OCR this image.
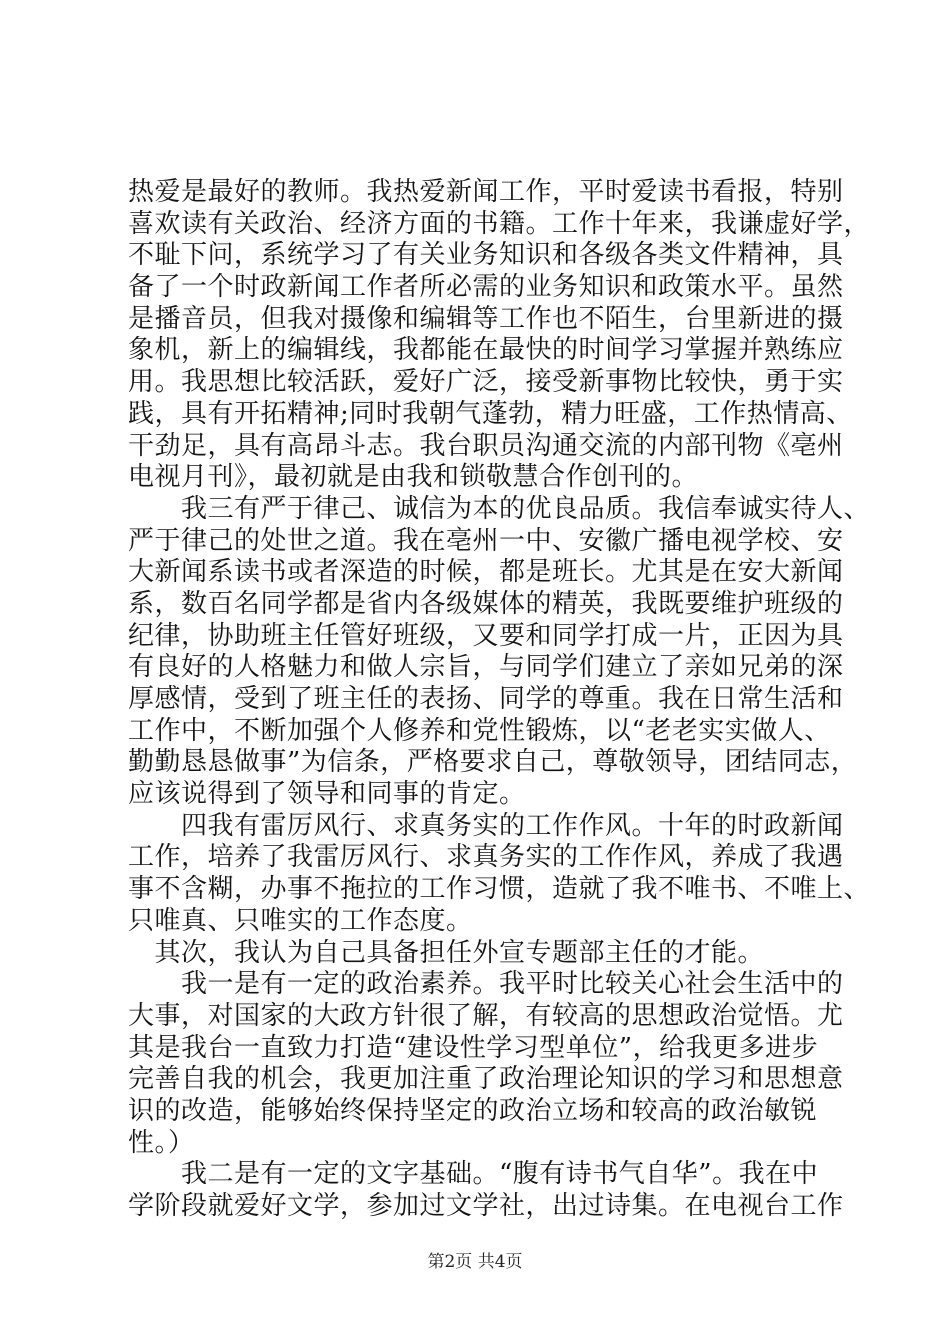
热爱是最好的教师。我热爱新闻工作，平时爱读书看报，特别
喜欢读有关政治、经济方面的书籍。工作十年来，我谦虚好学，
不耻下问，系统学习了有关业务知识和各级各类文件精神，具
备了一个时政新闻工作者所必需的业务知识和政策水平。虽然
是播音员，但我对摄像和编辑等工作也不陌生，台里新进的摄
象机，新上的编辑线，我都能在最快的时间学习掌握并熟练应
用。我思想比较活跃，爱好广泛，接受新事物比较快，勇于实
践，具有开拓精神;同时我朝气蓬勃，精力旺盛，工作热情高、
干劲足，具有高昂斗志。我台职员沟通交流的内部刊物《亳州
电视月刊》，最初就是由我和锁敬慧合作创刊的。
　　我三有严于律己、诚信为本的优良品质。我信奉诚实待人、
严于律己的处世之道。我在亳州一中、安徽广播电视学校、安
大新闻系读书或者深造的时候，都是班长。尤其是在安大新闻
系，数百名同学都是省内各级媒体的精英，我既要维护班级的
纪律，协助班主任管好班级，又要和同学打成一片，正因为具
有良好的人格魅力和做人宗旨，与同学们建立了亲如兄弟的深
厚感情，受到了班主任的表扬、同学的尊重。我在日常生活和
工作中，不断加强个人修养和党性锻炼，以“老老实实做人、
勤勤恳恳做事”为信条，严格要求自己，尊敬领导，团结同志，
应该说得到了领导和同事的肯定。
　　四我有雷厉风行、求真务实的工作作风。十年的时政新闻
工作，培养了我雷厉风行、求真务实的工作作风，养成了我遇
事不含糊，办事不拖拉的工作习惯，造就了我不唯书、不唯上、
只唯真、只唯实的工作态度。
　其次，我认为自己具备担任外宣专题部主任的才能。
　　我一是有一定的政治素养。我平时比较关心社会生活中的
大事，对国家的大政方针很了解，有较高的思想政治觉悟。尤
其是我台一直致力打造“建设性学习型单位”，给我更多进步
完善自我的机会，我更加注重了政治理论知识的学习和思想意
识的改造，能够始终保持坚定的政治立场和较高的政治敏锐
性。）
　　我二是有一定的文字基础。“腹有诗书气自华”。我在中
学阶段就爱好文学，参加过文学社，出过诗集。在电视台工作
第2页 共4页
